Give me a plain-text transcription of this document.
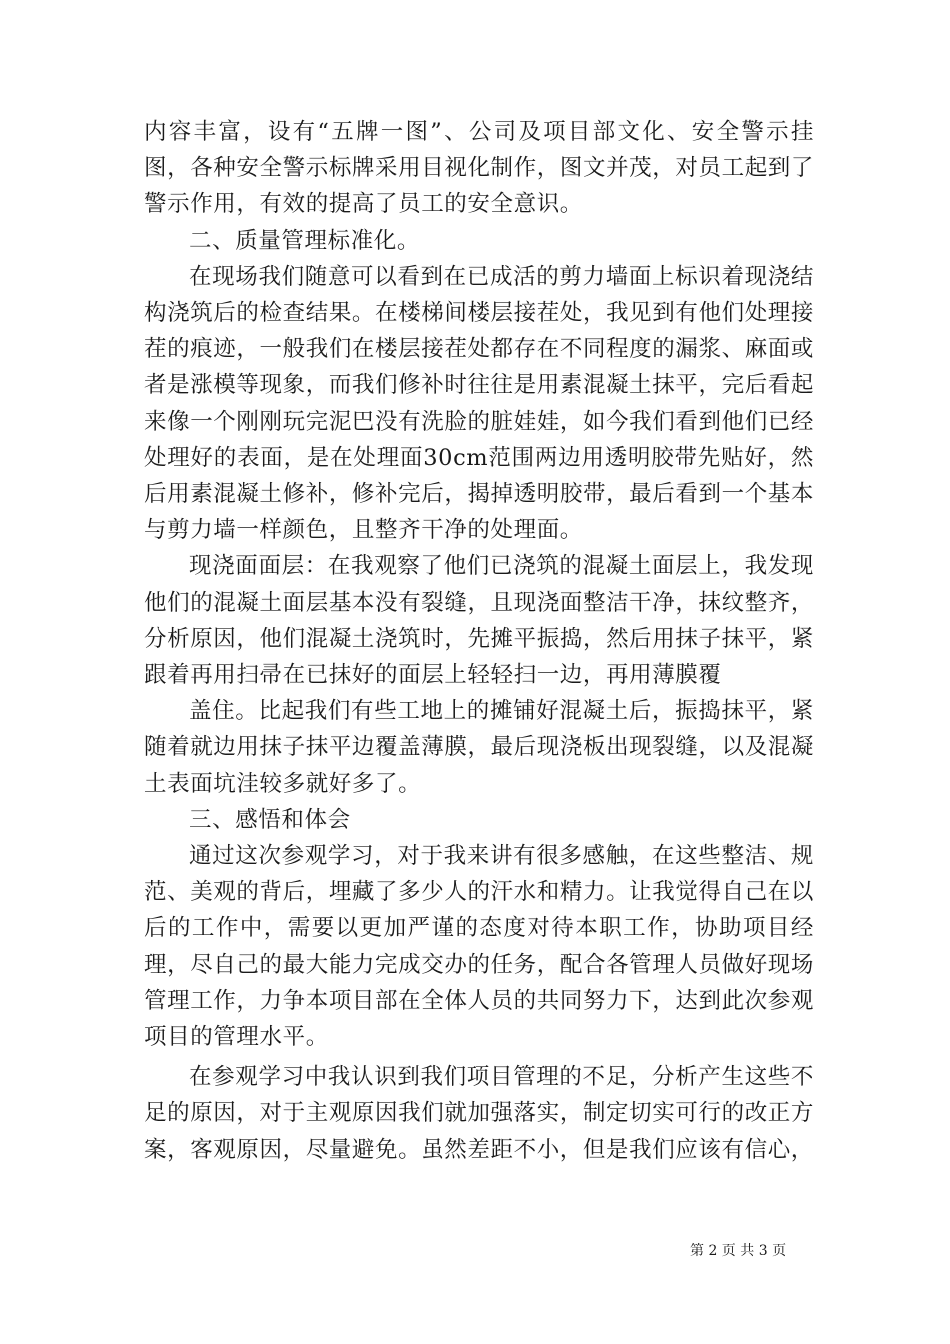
内容丰富，设有“五牌一图”、公司及项目部文化、安全警示挂图，各种安全警示标牌采用目视化制作，图文并茂，对员工起到了警示作用，有效的提高了员工的安全意识。

二、质量管理标准化。

在现场我们随意可以看到在已成活的剪力墙面上标识着现浇结构浇筑后的检查结果。在楼梯间楼层接茬处，我见到有他们处理接茬的痕迹，一般我们在楼层接茬处都存在不同程度的漏浆、麻面或者是涨模等现象，而我们修补时往往是用素混凝土抹平，完后看起来像一个刚刚玩完泥巴没有洗脸的脏娃娃，如今我们看到他们已经处理好的表面，是在处理面30cm范围两边用透明胶带先贴好，然后用素混凝土修补，修补完后，揭掉透明胶带，最后看到一个基本与剪力墙一样颜色，且整齐干净的处理面。

现浇面面层：在我观察了他们已浇筑的混凝土面层上，我发现他们的混凝土面层基本没有裂缝，且现浇面整洁干净，抹纹整齐，分析原因，他们混凝土浇筑时，先摊平振捣，然后用抹子抹平，紧跟着再用扫帚在已抹好的面层上轻轻扫一边，再用薄膜覆

盖住。比起我们有些工地上的摊铺好混凝土后，振捣抹平，紧随着就边用抹子抹平边覆盖薄膜，最后现浇板出现裂缝，以及混凝土表面坑洼较多就好多了。

三、感悟和体会

通过这次参观学习，对于我来讲有很多感触，在这些整洁、规范、美观的背后，埋藏了多少人的汗水和精力。让我觉得自己在以后的工作中，需要以更加严谨的态度对待本职工作，协助项目经理，尽自己的最大能力完成交办的任务，配合各管理人员做好现场管理工作，力争本项目部在全体人员的共同努力下，达到此次参观项目的管理水平。

在参观学习中我认识到我们项目管理的不足，分析产生这些不足的原因，对于主观原因我们就加强落实，制定切实可行的改正方案，客观原因，尽量避免。虽然差距不小，但是我们应该有信心，

第 2 页 共 3 页
